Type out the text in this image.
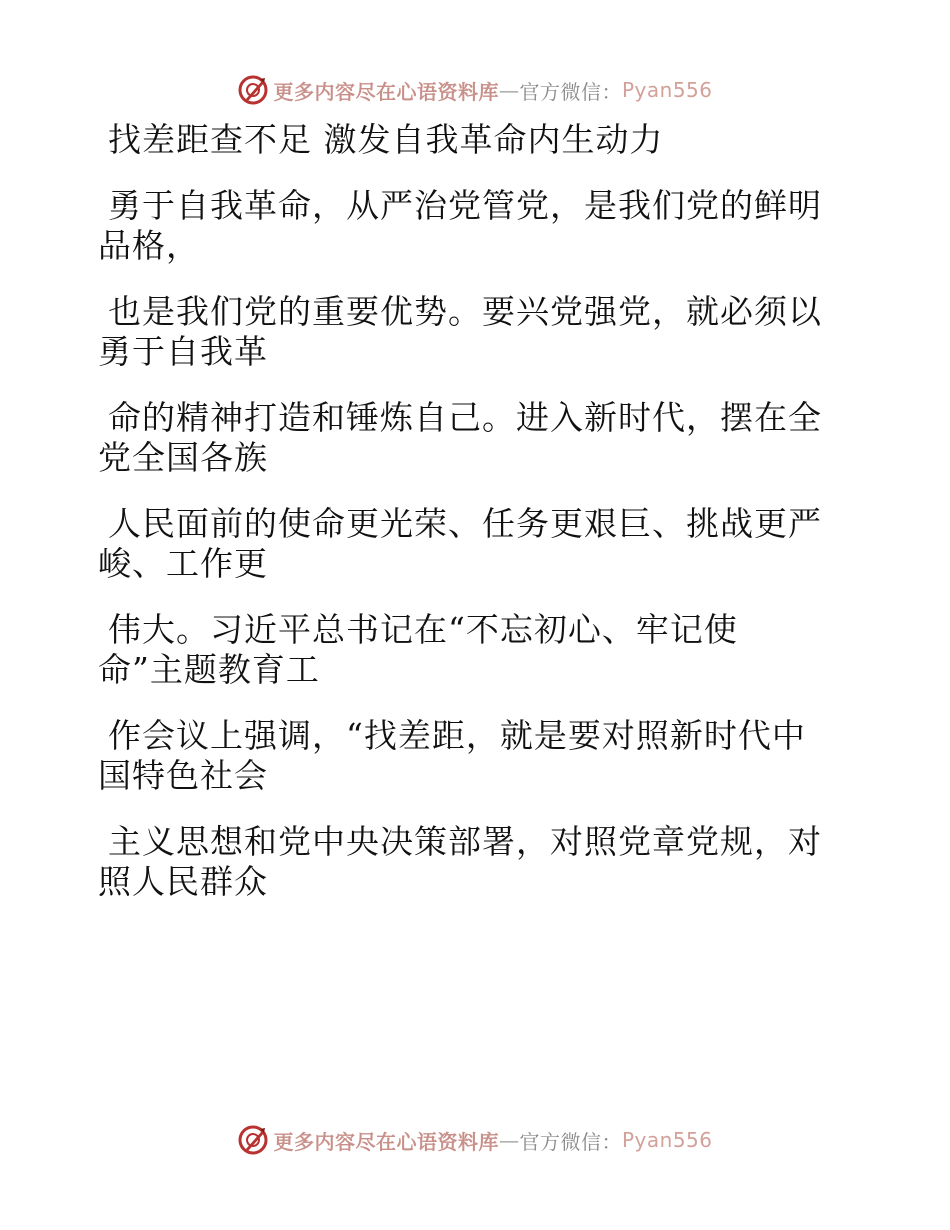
更多内容尽在心语资料库 — 官方微信： Pyan556
找差距查不足 激发自我革命内生动力
勇于自我革命，从严治党管党，是我们党的鲜明
品格，
也是我们党的重要优势。要兴党强党，就必须以
勇于自我革
命的精神打造和锤炼自己。进入新时代，摆在全
党全国各族
人民面前的使命更光荣、任务更艰巨、挑战更严
峻、工作更
伟大。习近平总书记在“不忘初心、牢记使
命”主题教育工
作会议上强调，“找差距，就是要对照新时代中
国特色社会
主义思想和党中央决策部署，对照党章党规，对
照人民群众
更多内容尽在心语资料库 — 官方微信： Pyan556
